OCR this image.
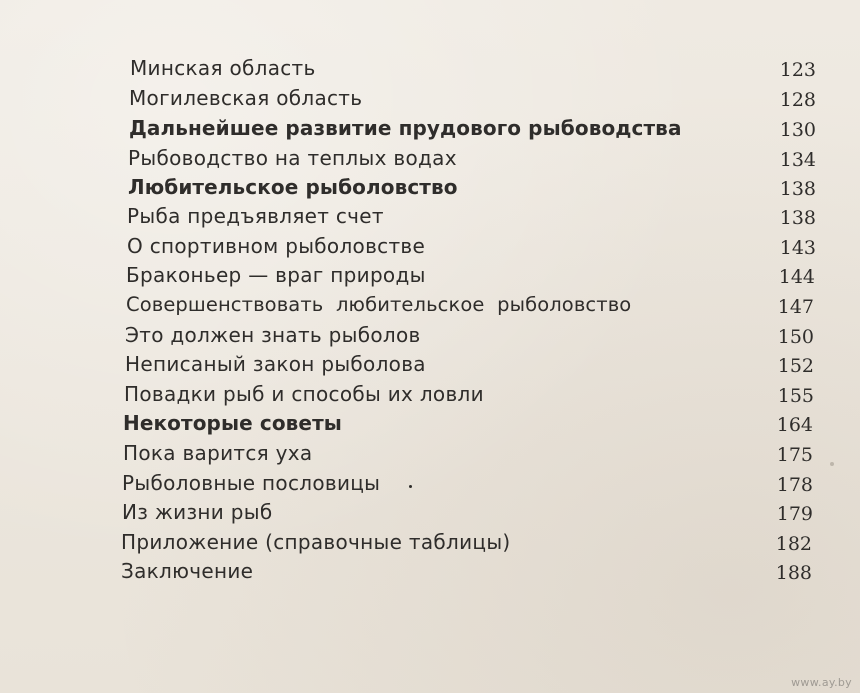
Минская область	123
Могилевская область	128
Дальнейшее развитие прудового рыбоводства	130
Рыбоводство на теплых водах	134
Любительское рыболовство	138
Рыба предъявляет счет	138
О спортивном рыболовстве	143
Браконьер — враг природы	144
Совершенствовать  любительское  рыболовство	147
Это должен знать рыболов	150
Неписаный закон рыболова	152
Повадки рыб и способы их ловли	155
Некоторые советы	164
Пока варится уха	175
Рыболовные пословицы	178
Из жизни рыб	179
Приложение (справочные таблицы)	182
Заключение	188
www.ay.by
